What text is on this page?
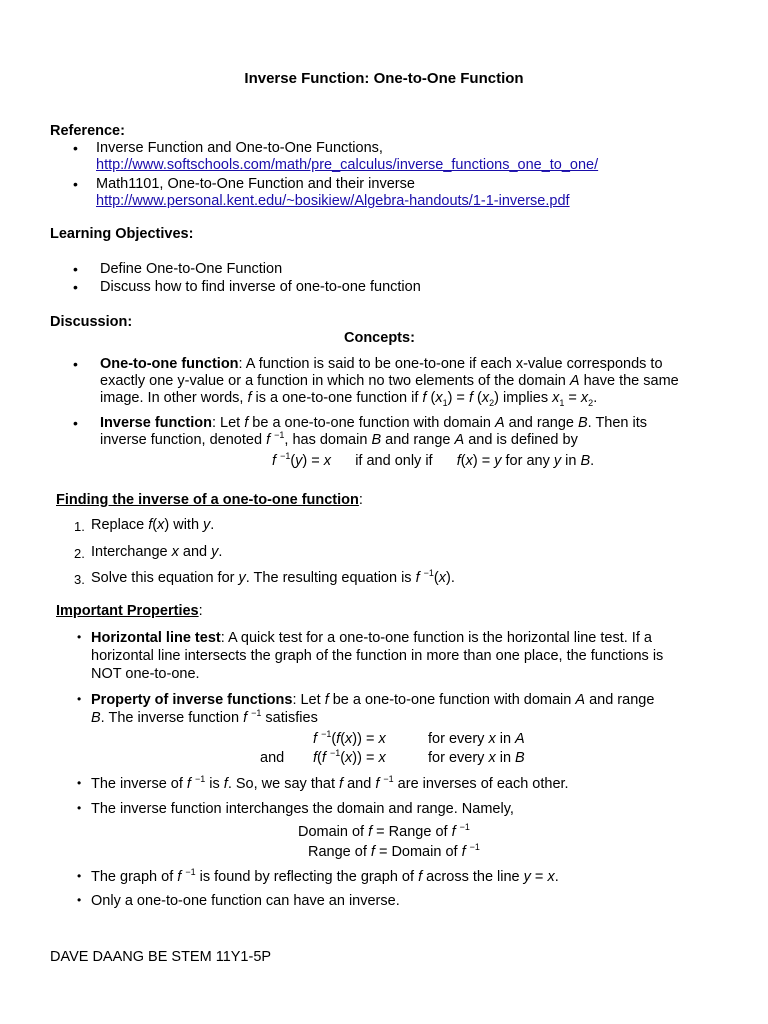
Inverse Function: One-to-One Function
Reference:
• Inverse Function and One-to-One Functions,
http://www.softschools.com/math/pre_calculus/inverse_functions_one_to_one/
• Math1101, One-to-One Function and their inverse
http://www.personal.kent.edu/~bosikiew/Algebra-handouts/1-1-inverse.pdf
Learning Objectives:
• Define One-to-One Function
• Discuss how to find inverse of one-to-one function
Discussion:
Concepts:
• One-to-one function: A function is said to be one-to-one if each x-value corresponds to
exactly one y-value or a function in which no two elements of the domain A have the same
image. In other words, f is a one-to-one function if f $(x_1) = f$ $(x_2)$ implies $x_1 = x_2$.
• Inverse function: Let f be a one-to-one function with domain A and range B. Then its
inverse function, denoted f $^{-1}$, has domain B and range A and is defined by
f $^{-1}$(y) = x if and only if f(x) = y for any y in B.
Finding the inverse of a one-to-one function:
1. Replace f(x) with y.
2. Interchange x and y.
3. Solve this equation for y. The resulting equation is f $^{-1}$(x).
Important Properties:
• Horizontal line test: A quick test for a one-to-one function is the horizontal line test. If a
horizontal line intersects the graph of the function in more than one place, the functions is
NOT one-to-one.
• Property of inverse functions: Let f be a one-to-one function with domain A and range
B. The inverse function f $^{-1}$ satisfies
f $^{-1}$(f(x)) = x	for every x in A
and f(f $^{-1}$(x)) = x	for every x in B
• The inverse of f $^{-1}$ is f. So, we say that f and f $^{-1}$ are inverses of each other.
• The inverse function interchanges the domain and range. Namely,
Domain of f = Range of f $^{-1}$
Range of f = Domain of f $^{-1}$
• The graph of f $^{-1}$ is found by reflecting the graph of f across the line y = x.
• Only a one-to-one function can have an inverse.
DAVE DAANG BE STEM 11Y1-5P
